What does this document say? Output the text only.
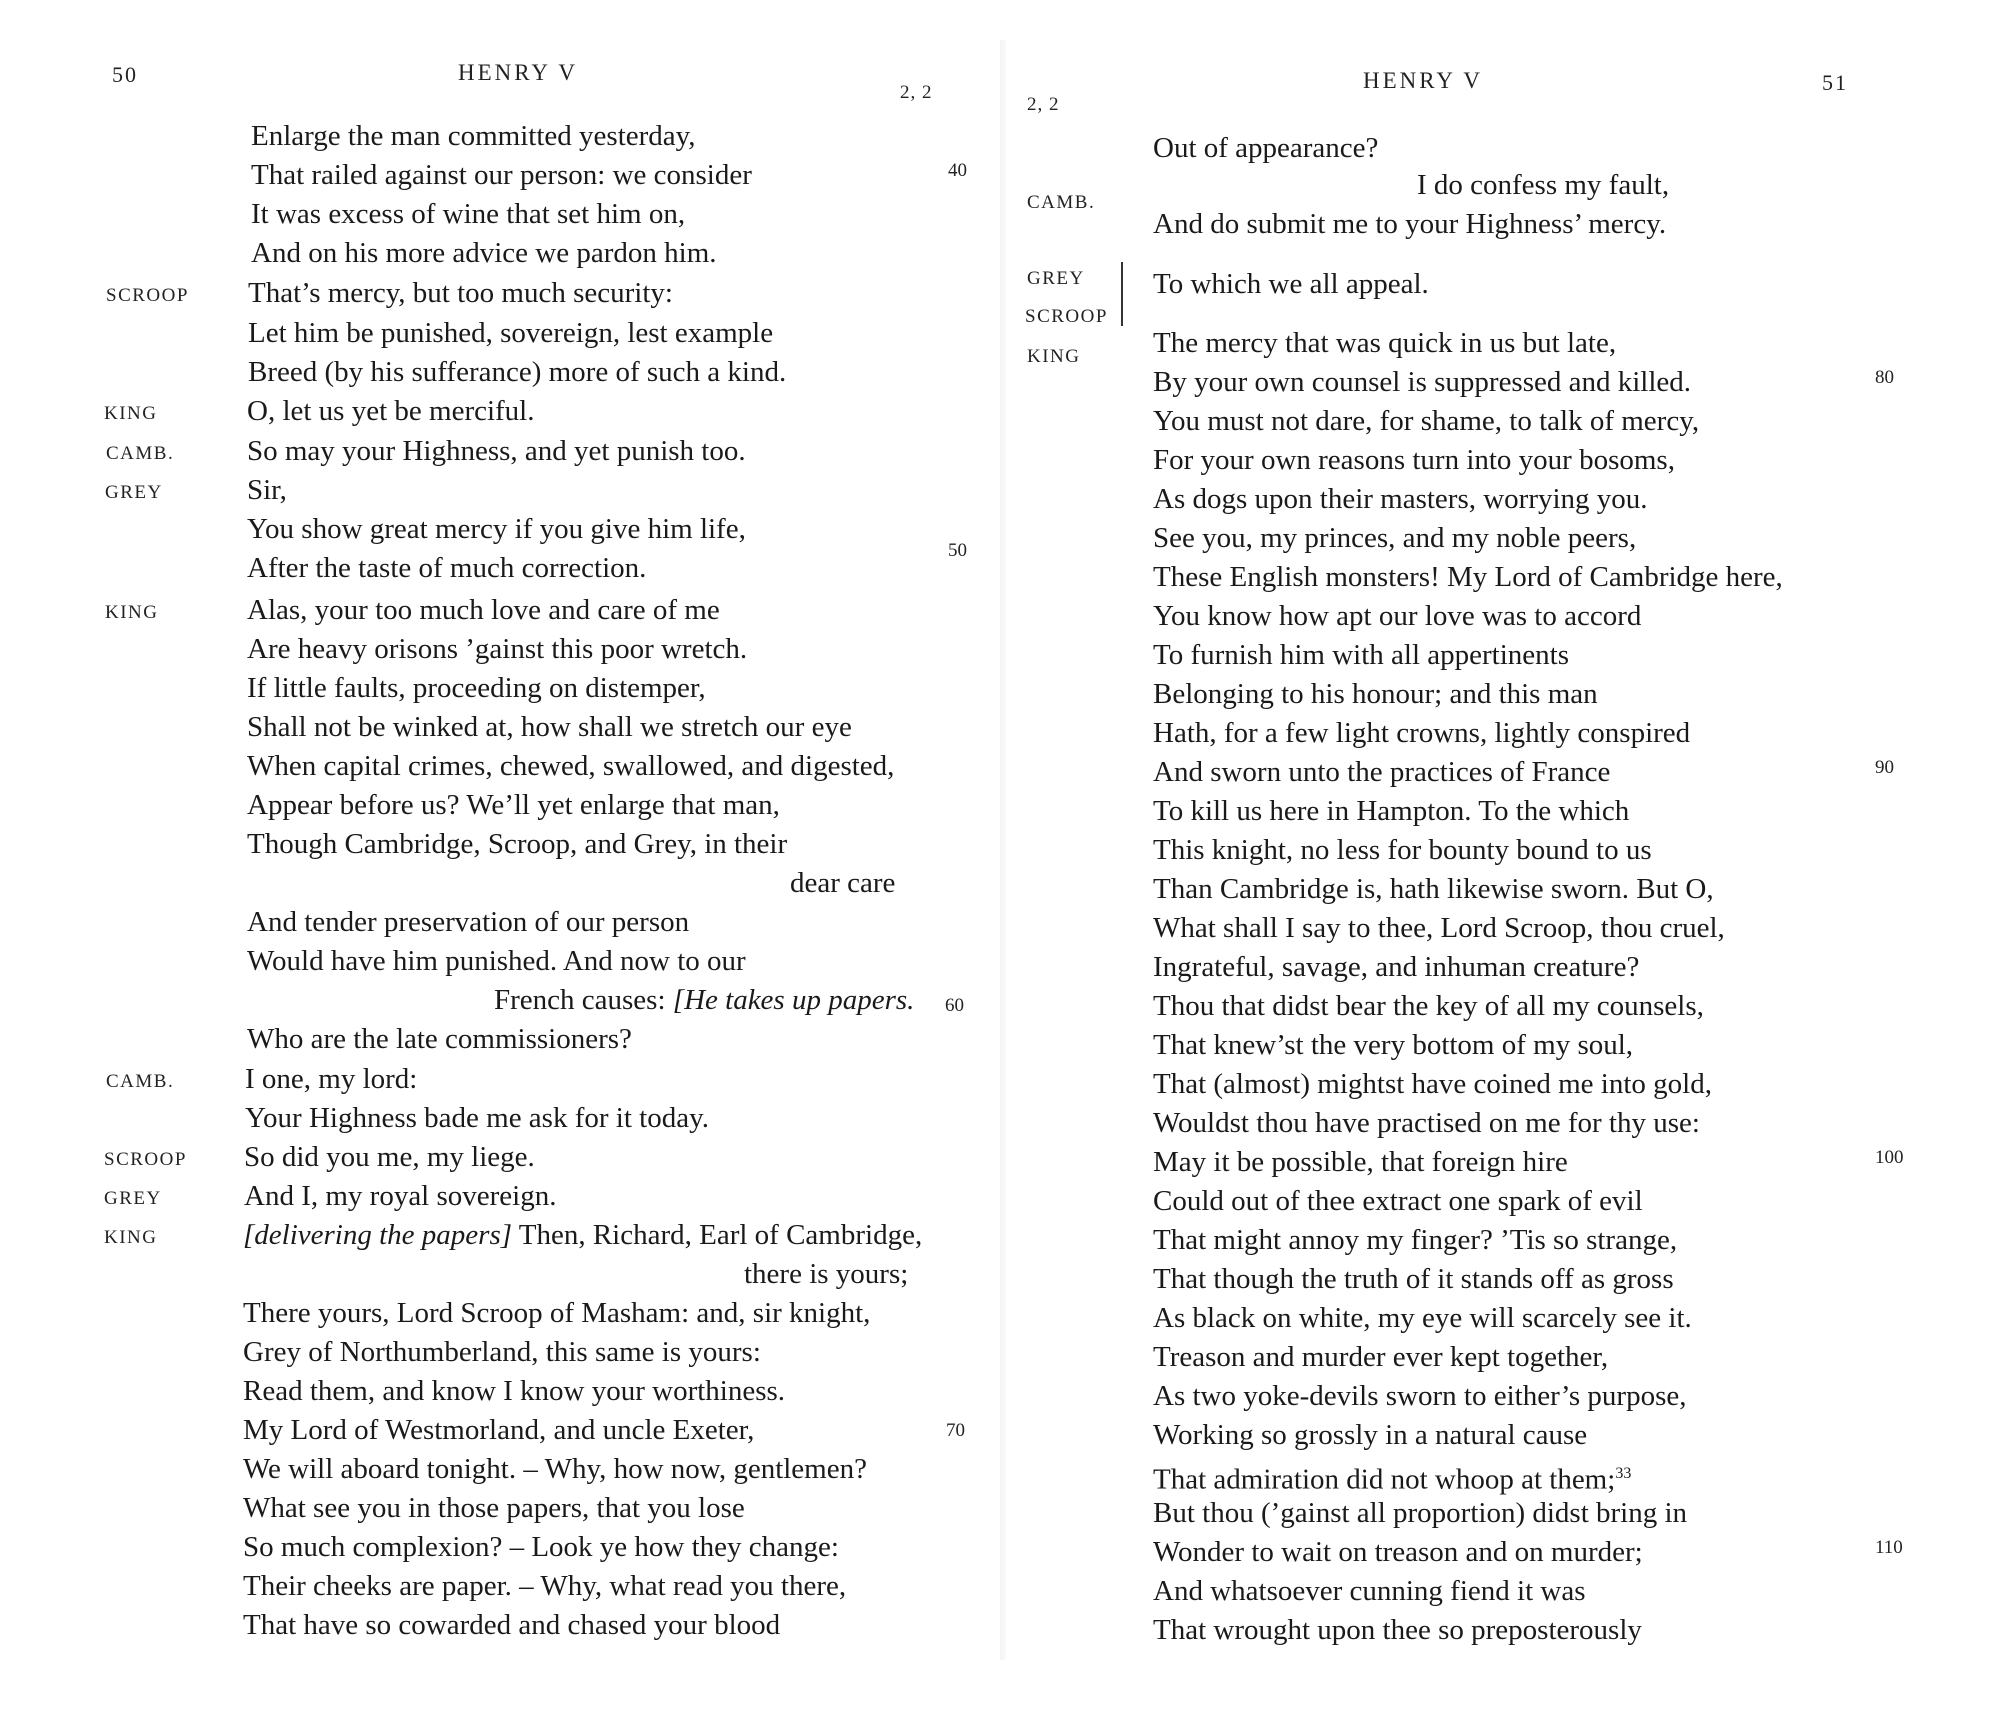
50	HENRY V
2, 2
Enlarge the man committed yesterday,
That railed against our person: we consider	40
It was excess of wine that set him on,
And on his more advice we pardon him.
SCROOP That’s mercy, but too much security:
Let him be punished, sovereign, lest example
Breed (by his sufferance) more of such a kind.
KING	O, let us yet be merciful.
CAMB.	So may your Highness, and yet punish too.
GREY	Sir,
You show great mercy if you give him life,
50
After the taste of much correction.
KING	Alas, your too much love and care of me
Are heavy orisons ’gainst this poor wretch.
If little faults, proceeding on distemper,
Shall not be winked at, how shall we stretch our eye
When capital crimes, chewed, swallowed, and digested,
Appear before us? We’ll yet enlarge that man,
Though Cambridge, Scroop, and Grey, in their
dear care
And tender preservation of our person
Would have him punished. And now to our
French causes: [He takes up papers. 60
Who are the late commissioners?
CAMB. I one, my lord:
Your Highness bade me ask for it today.
SCROOP So did you me, my liege.
GREY	And I, my royal sovereign.
KING	[delivering the papers] Then, Richard, Earl of Cambridge,
there is yours;
There yours, Lord Scroop of Masham: and, sir knight,
Grey of Northumberland, this same is yours:
Read them, and know I know your worthiness.
My Lord of Westmorland, and uncle Exeter,	70
We will aboard tonight. – Why, how now, gentlemen?
What see you in those papers, that you lose
So much complexion? – Look ye how they change:
Their cheeks are paper. – Why, what read you there,
That have so cowarded and chased your blood
2, 2
HENRY V	51
Out of appearance?
CAMB.
I do confess my fault,
And do submit me to your Highness’ mercy.
GREY
SCROOP
To which we all appeal.
KING	The mercy that was quick in us but late,
By your own counsel is suppressed and killed.	80
You must not dare, for shame, to talk of mercy,
For your own reasons turn into your bosoms,
As dogs upon their masters, worrying you.
See you, my princes, and my noble peers,
These English monsters! My Lord of Cambridge here,
You know how apt our love was to accord
To furnish him with all appertinents
Belonging to his honour; and this man
Hath, for a few light crowns, lightly conspired
And sworn unto the practices of France	90
To kill us here in Hampton. To the which
This knight, no less for bounty bound to us
Than Cambridge is, hath likewise sworn. But O,
What shall I say to thee, Lord Scroop, thou cruel,
Ingrateful, savage, and inhuman creature?
Thou that didst bear the key of all my counsels,
That knew’st the very bottom of my soul,
That (almost) mightst have coined me into gold,
Wouldst thou have practised on me for thy use:
May it be possible, that foreign hire	100
Could out of thee extract one spark of evil
That might annoy my finger? ’Tis so strange,
That though the truth of it stands off as gross
As black on white, my eye will scarcely see it.
Treason and murder ever kept together,
As two yoke-devils sworn to either’s purpose,
Working so grossly in a natural cause
That admiration did not whoop at them;$^{33}$
But thou (’gainst all proportion) didst bring in
Wonder to wait on treason and on murder;	110
And whatsoever cunning fiend it was
That wrought upon thee so preposterously
